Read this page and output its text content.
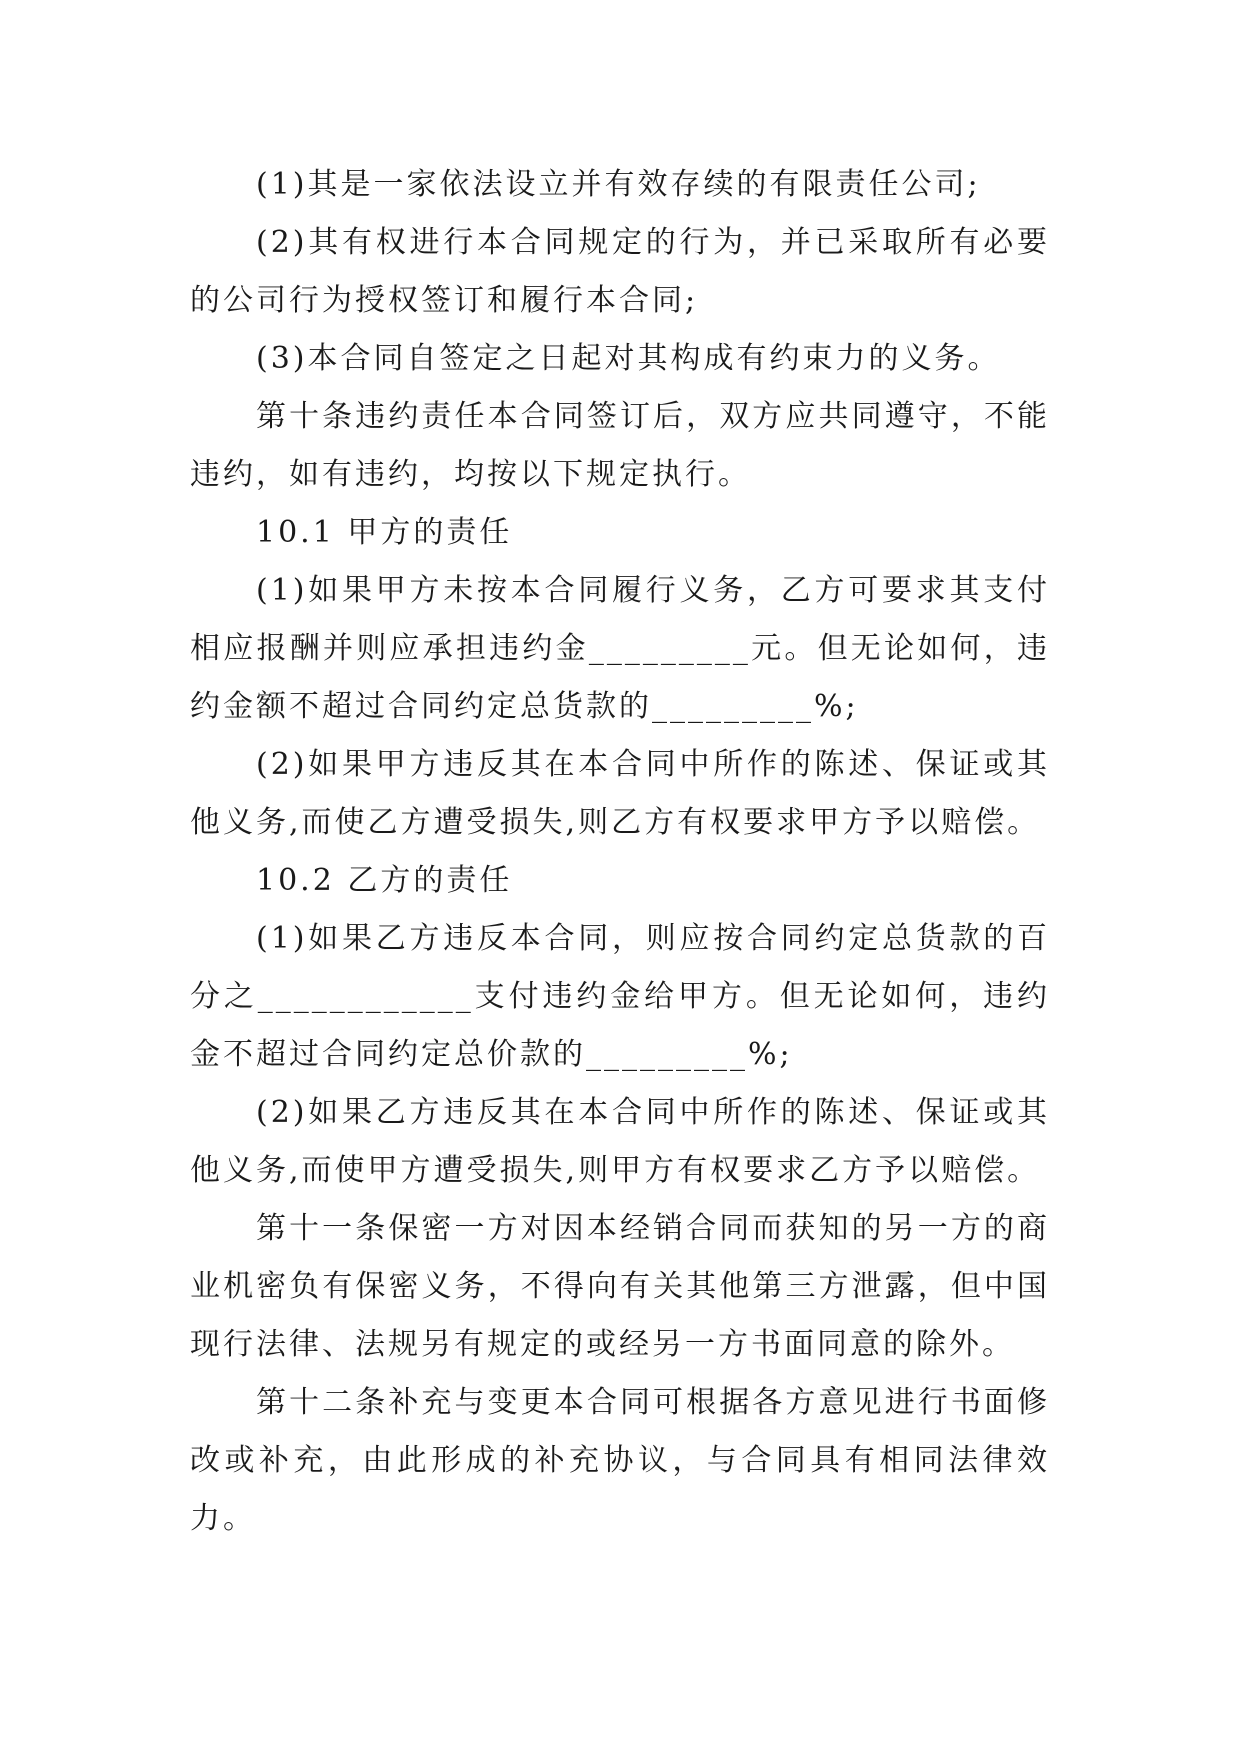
(1)其是一家依法设立并有效存续的有限责任公司;

(2)其有权进行本合同规定的行为，并已采取所有必要的公司行为授权签订和履行本合同;

(3)本合同自签定之日起对其构成有约束力的义务。

第十条违约责任本合同签订后，双方应共同遵守，不能违约，如有违约，均按以下规定执行。

10.1 甲方的责任

(1)如果甲方未按本合同履行义务，乙方可要求其支付相应报酬并则应承担违约金_________元。但无论如何，违约金额不超过合同约定总货款的_________%;

(2)如果甲方违反其在本合同中所作的陈述、保证或其他义务,而使乙方遭受损失,则乙方有权要求甲方予以赔偿。

10.2 乙方的责任

(1)如果乙方违反本合同，则应按合同约定总货款的百分之____________支付违约金给甲方。但无论如何，违约金不超过合同约定总价款的_________%;

(2)如果乙方违反其在本合同中所作的陈述、保证或其他义务,而使甲方遭受损失,则甲方有权要求乙方予以赔偿。

第十一条保密一方对因本经销合同而获知的另一方的商业机密负有保密义务，不得向有关其他第三方泄露，但中国现行法律、法规另有规定的或经另一方书面同意的除外。

第十二条补充与变更本合同可根据各方意见进行书面修改或补充，由此形成的补充协议，与合同具有相同法律效力。
